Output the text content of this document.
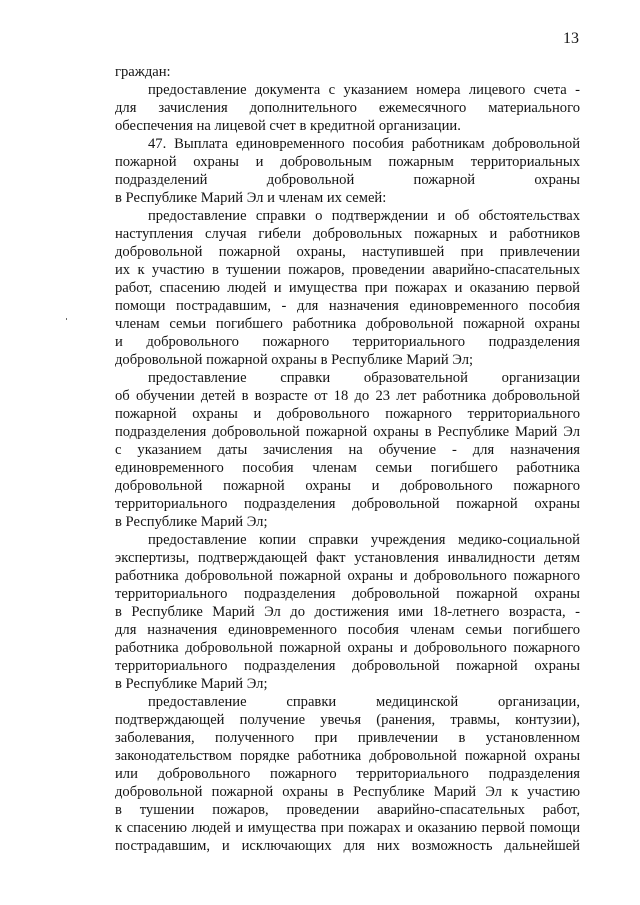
13
граждан:
предоставление документа с указанием номера лицевого счета -
для зачисления дополнительного ежемесячного материального
обеспечения на лицевой счет в кредитной организации.
47. Выплата единовременного пособия работникам добровольной
пожарной охраны и добровольным пожарным территориальных
подразделений добровольной пожарной охраны
в Республике Марий Эл и членам их семей:
предоставление справки о подтверждении и об обстоятельствах
наступления случая гибели добровольных пожарных и работников
добровольной пожарной охраны, наступившей при привлечении
их к участию в тушении пожаров, проведении аварийно-спасательных
работ, спасению людей и имущества при пожарах и оказанию первой
помощи пострадавшим, - для назначения единовременного пособия
членам семьи погибшего работника добровольной пожарной охраны
и добровольного пожарного территориального подразделения
добровольной пожарной охраны в Республике Марий Эл;
предоставление справки образовательной организации
об обучении детей в возрасте от 18 до 23 лет работника добровольной
пожарной охраны и добровольного пожарного территориального
подразделения добровольной пожарной охраны в Республике Марий Эл
с указанием даты зачисления на обучение - для назначения
единовременного пособия членам семьи погибшего работника
добровольной пожарной охраны и добровольного пожарного
территориального подразделения добровольной пожарной охраны
в Республике Марий Эл;
предоставление копии справки учреждения медико-социальной
экспертизы, подтверждающей факт установления инвалидности детям
работника добровольной пожарной охраны и добровольного пожарного
территориального подразделения добровольной пожарной охраны
в Республике Марий Эл до достижения ими 18-летнего возраста, -
для назначения единовременного пособия членам семьи погибшего
работника добровольной пожарной охраны и добровольного пожарного
территориального подразделения добровольной пожарной охраны
в Республике Марий Эл;
предоставление справки медицинской организации,
подтверждающей получение увечья (ранения, травмы, контузии),
заболевания, полученного при привлечении в установленном
законодательством порядке работника добровольной пожарной охраны
или добровольного пожарного территориального подразделения
добровольной пожарной охраны в Республике Марий Эл к участию
в тушении пожаров, проведении аварийно-спасательных работ,
к спасению людей и имущества при пожарах и оказанию первой помощи
пострадавшим, и исключающих для них возможность дальнейшей
